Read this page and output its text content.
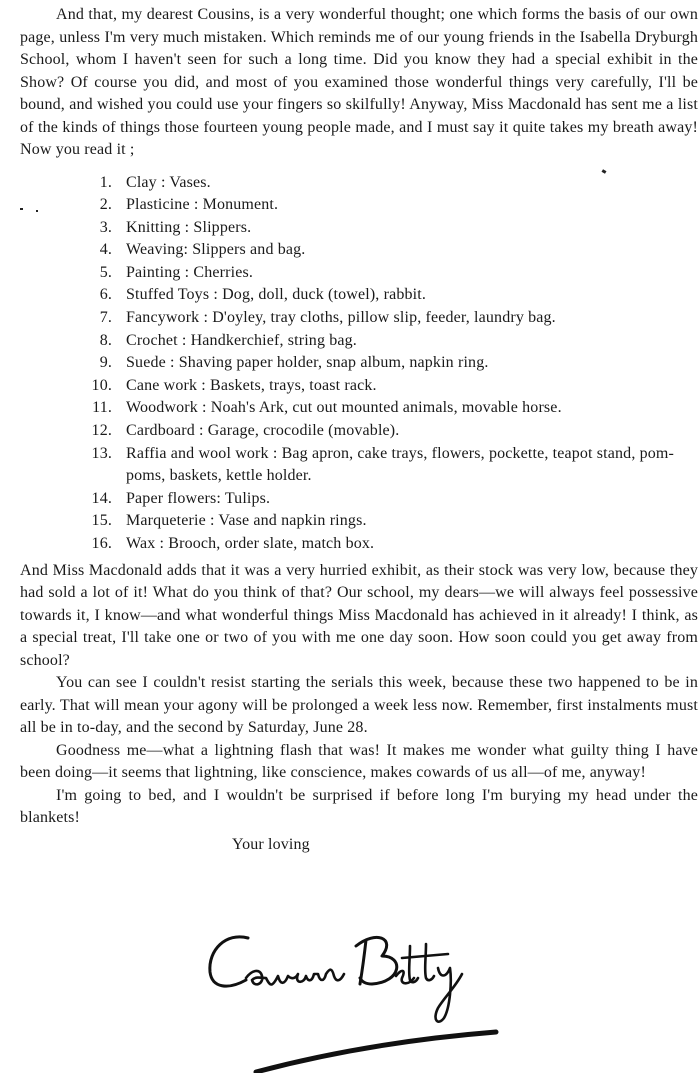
And that, my dearest Cousins, is a very wonderful thought; one which forms the basis of our own page, unless I'm very much mistaken. Which reminds me of our young friends in the Isabella Dryburgh School, whom I haven't seen for such a long time. Did you know they had a special exhibit in the Show? Of course you did, and most of you examined those wonderful things very carefully, I'll be bound, and wished you could use your fingers so skilfully! Anyway, Miss Macdonald has sent me a list of the kinds of things those fourteen young people made, and I must say it quite takes my breath away! Now you read it ;

1. Clay : Vases.
2. Plasticine : Monument.
3. Knitting : Slippers.
4. Weaving: Slippers and bag.
5. Painting : Cherries.
6. Stuffed Toys : Dog, doll, duck (towel), rabbit.
7. Fancywork : D'oyley, tray cloths, pillow slip, feeder, laundry bag.
8. Crochet : Handkerchief, string bag.
9. Suede : Shaving paper holder, snap album, napkin ring.
10. Cane work : Baskets, trays, toast rack.
11. Woodwork : Noah's Ark, cut out mounted animals, movable horse.
12. Cardboard : Garage, crocodile (movable).
13. Raffia and wool work : Bag apron, cake trays, flowers, pockette, teapot stand, pom-poms, baskets, kettle holder.
14. Paper flowers: Tulips.
15. Marqueterie : Vase and napkin rings.
16. Wax : Brooch, order slate, match box.

And Miss Macdonald adds that it was a very hurried exhibit, as their stock was very low, because they had sold a lot of it! What do you think of that? Our school, my dears—we will always feel possessive towards it, I know—and what wonderful things Miss Macdonald has achieved in it already! I think, as a special treat, I'll take one or two of you with me one day soon. How soon could you get away from school?

You can see I couldn't resist starting the serials this week, because these two happened to be in early. That will mean your agony will be prolonged a week less now. Remember, first instalments must all be in to-day, and the second by Saturday, June 28.

Goodness me—what a lightning flash that was! It makes me wonder what guilty thing I have been doing—it seems that lightning, like conscience, makes cowards of us all—of me, anyway!

I'm going to bed, and I wouldn't be surprised if before long I'm burying my head under the blankets!

Your loving
